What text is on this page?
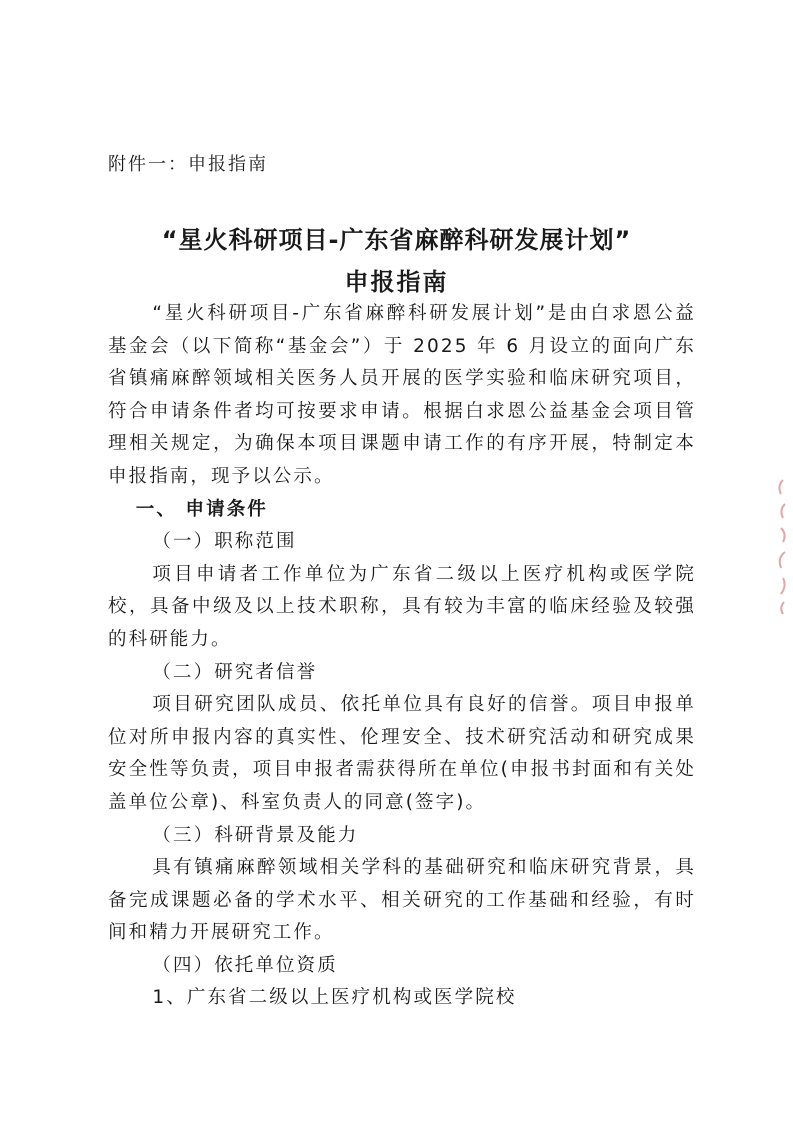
附件一：申报指南
“星火科研项目-广东省麻醉科研发展计划”
申报指南

“星火科研项目-广东省麻醉科研发展计划”是由白求恩公益基金会（以下简称“基金会”）于 2025 年 6 月设立的面向广东省镇痛麻醉领域相关医务人员开展的医学实验和临床研究项目，符合申请条件者均可按要求申请。根据白求恩公益基金会项目管理相关规定，为确保本项目课题申请工作的有序开展，特制定本申报指南，现予以公示。

一、 申请条件

（一）职称范围

项目申请者工作单位为广东省二级以上医疗机构或医学院校，具备中级及以上技术职称，具有较为丰富的临床经验及较强的科研能力。

（二）研究者信誉

项目研究团队成员、依托单位具有良好的信誉。项目申报单位对所申报内容的真实性、伦理安全、技术研究活动和研究成果安全性等负责，项目申报者需获得所在单位(申报书封面和有关处盖单位公章)、科室负责人的同意(签字)。

（三）科研背景及能力

具有镇痛麻醉领域相关学科的基础研究和临床研究背景，具备完成课题必备的学术水平、相关研究的工作基础和经验，有时间和精力开展研究工作。

（四）依托单位资质

1、广东省二级以上医疗机构或医学院校
